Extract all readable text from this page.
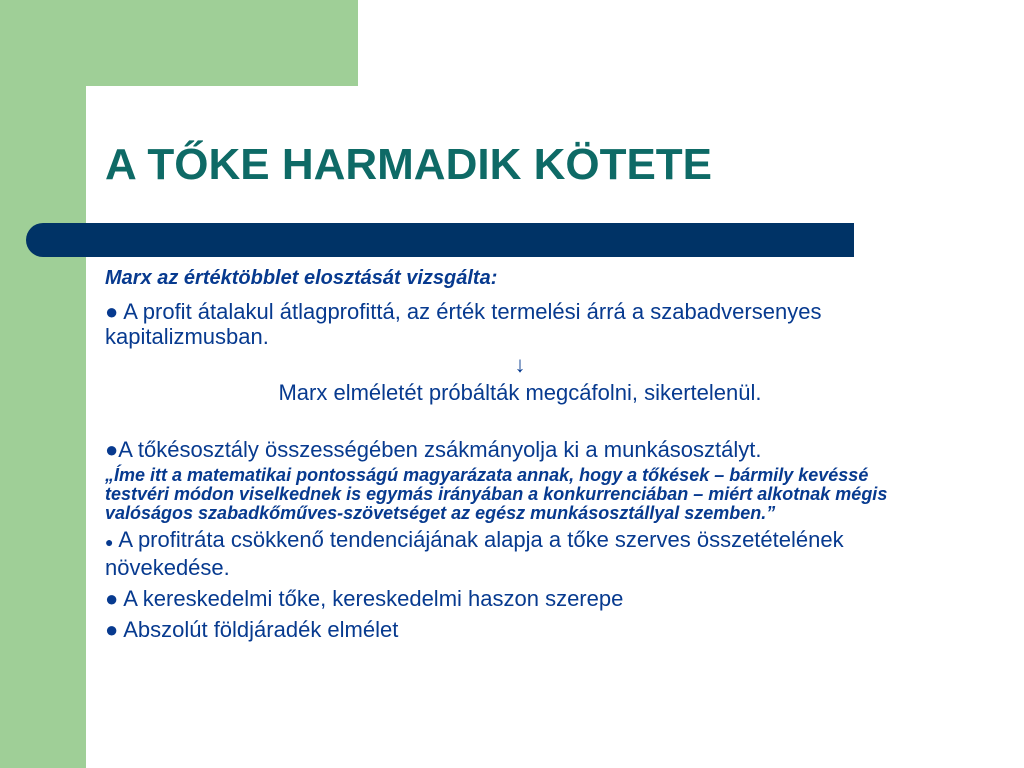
A TŐKE HARMADIK KÖTETE

Marx az értéktöbblet elosztását vizsgálta:

● A profit átalakul átlagprofittá, az érték termelési árrá a szabadversenyes kapitalizmusban.

↓

Marx elméletét próbálták megcáfolni, sikertelenül.

●A tőkésosztály összességében zsákmányolja ki a munkásosztályt.

„Íme itt a matematikai pontosságú magyarázata annak, hogy a tőkések – bármily kevéssé testvéri módon viselkednek is egymás irányában a konkurrenciában – miért alkotnak mégis valóságos szabadkőműves-szövetséget az egész munkásosztállyal szemben.”

● A profitráta csökkenő tendenciájának alapja a tőke szerves összetételének növekedése.

● A kereskedelmi tőke, kereskedelmi haszon szerepe

● Abszolút földjáradék elmélet
